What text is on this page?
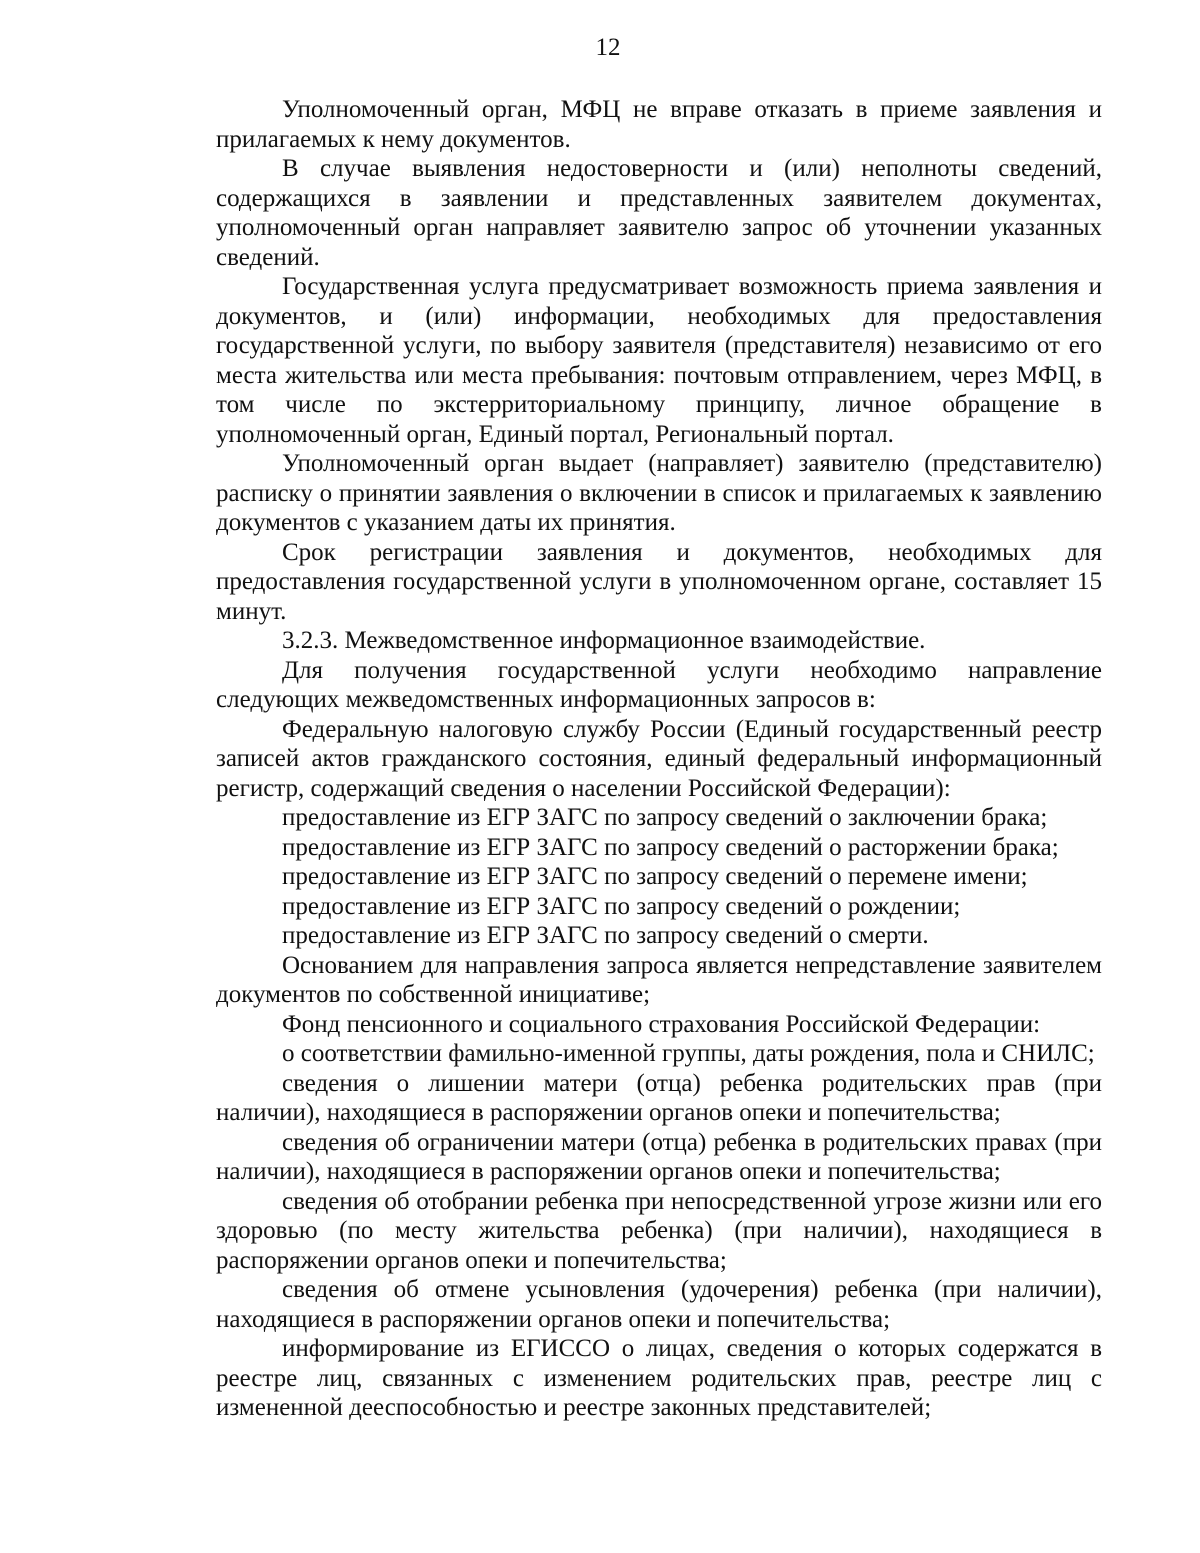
12

Уполномоченный орган, МФЦ не вправе отказать в приеме заявления и прилагаемых к нему документов.

В случае выявления недостоверности и (или) неполноты сведений, содержащихся в заявлении и представленных заявителем документах, уполномоченный орган направляет заявителю запрос об уточнении указанных сведений.

Государственная услуга предусматривает возможность приема заявления и документов, и (или) информации, необходимых для предоставления государственной услуги, по выбору заявителя (представителя) независимо от его места жительства или места пребывания: почтовым отправлением, через МФЦ, в том числе по экстерриториальному принципу, личное обращение в уполномоченный орган, Единый портал, Региональный портал.

Уполномоченный орган выдает (направляет) заявителю (представителю) расписку о принятии заявления о включении в список и прилагаемых к заявлению документов с указанием даты их принятия.

Срок регистрации заявления и документов, необходимых для предоставления государственной услуги в уполномоченном органе, составляет 15 минут.

3.2.3. Межведомственное информационное взаимодействие.

Для получения государственной услуги необходимо направление следующих межведомственных информационных запросов в:

Федеральную налоговую службу России (Единый государственный реестр записей актов гражданского состояния, единый федеральный информационный регистр, содержащий сведения о населении Российской Федерации):

предоставление из ЕГР ЗАГС по запросу сведений о заключении брака;

предоставление из ЕГР ЗАГС по запросу сведений о расторжении брака;

предоставление из ЕГР ЗАГС по запросу сведений о перемене имени;

предоставление из ЕГР ЗАГС по запросу сведений о рождении;

предоставление из ЕГР ЗАГС по запросу сведений о смерти.

Основанием для направления запроса является непредставление заявителем документов по собственной инициативе;

Фонд пенсионного и социального страхования Российской Федерации:

о соответствии фамильно-именной группы, даты рождения, пола и СНИЛС;

сведения о лишении матери (отца) ребенка родительских прав (при наличии), находящиеся в распоряжении органов опеки и попечительства;

сведения об ограничении матери (отца) ребенка в родительских правах (при наличии), находящиеся в распоряжении органов опеки и попечительства;

сведения об отобрании ребенка при непосредственной угрозе жизни или его здоровью (по месту жительства ребенка) (при наличии), находящиеся в распоряжении органов опеки и попечительства;

сведения об отмене усыновления (удочерения) ребенка (при наличии), находящиеся в распоряжении органов опеки и попечительства;

информирование из ЕГИССО о лицах, сведения о которых содержатся в реестре лиц, связанных с изменением родительских прав, реестре лиц с измененной дееспособностью и реестре законных представителей;
